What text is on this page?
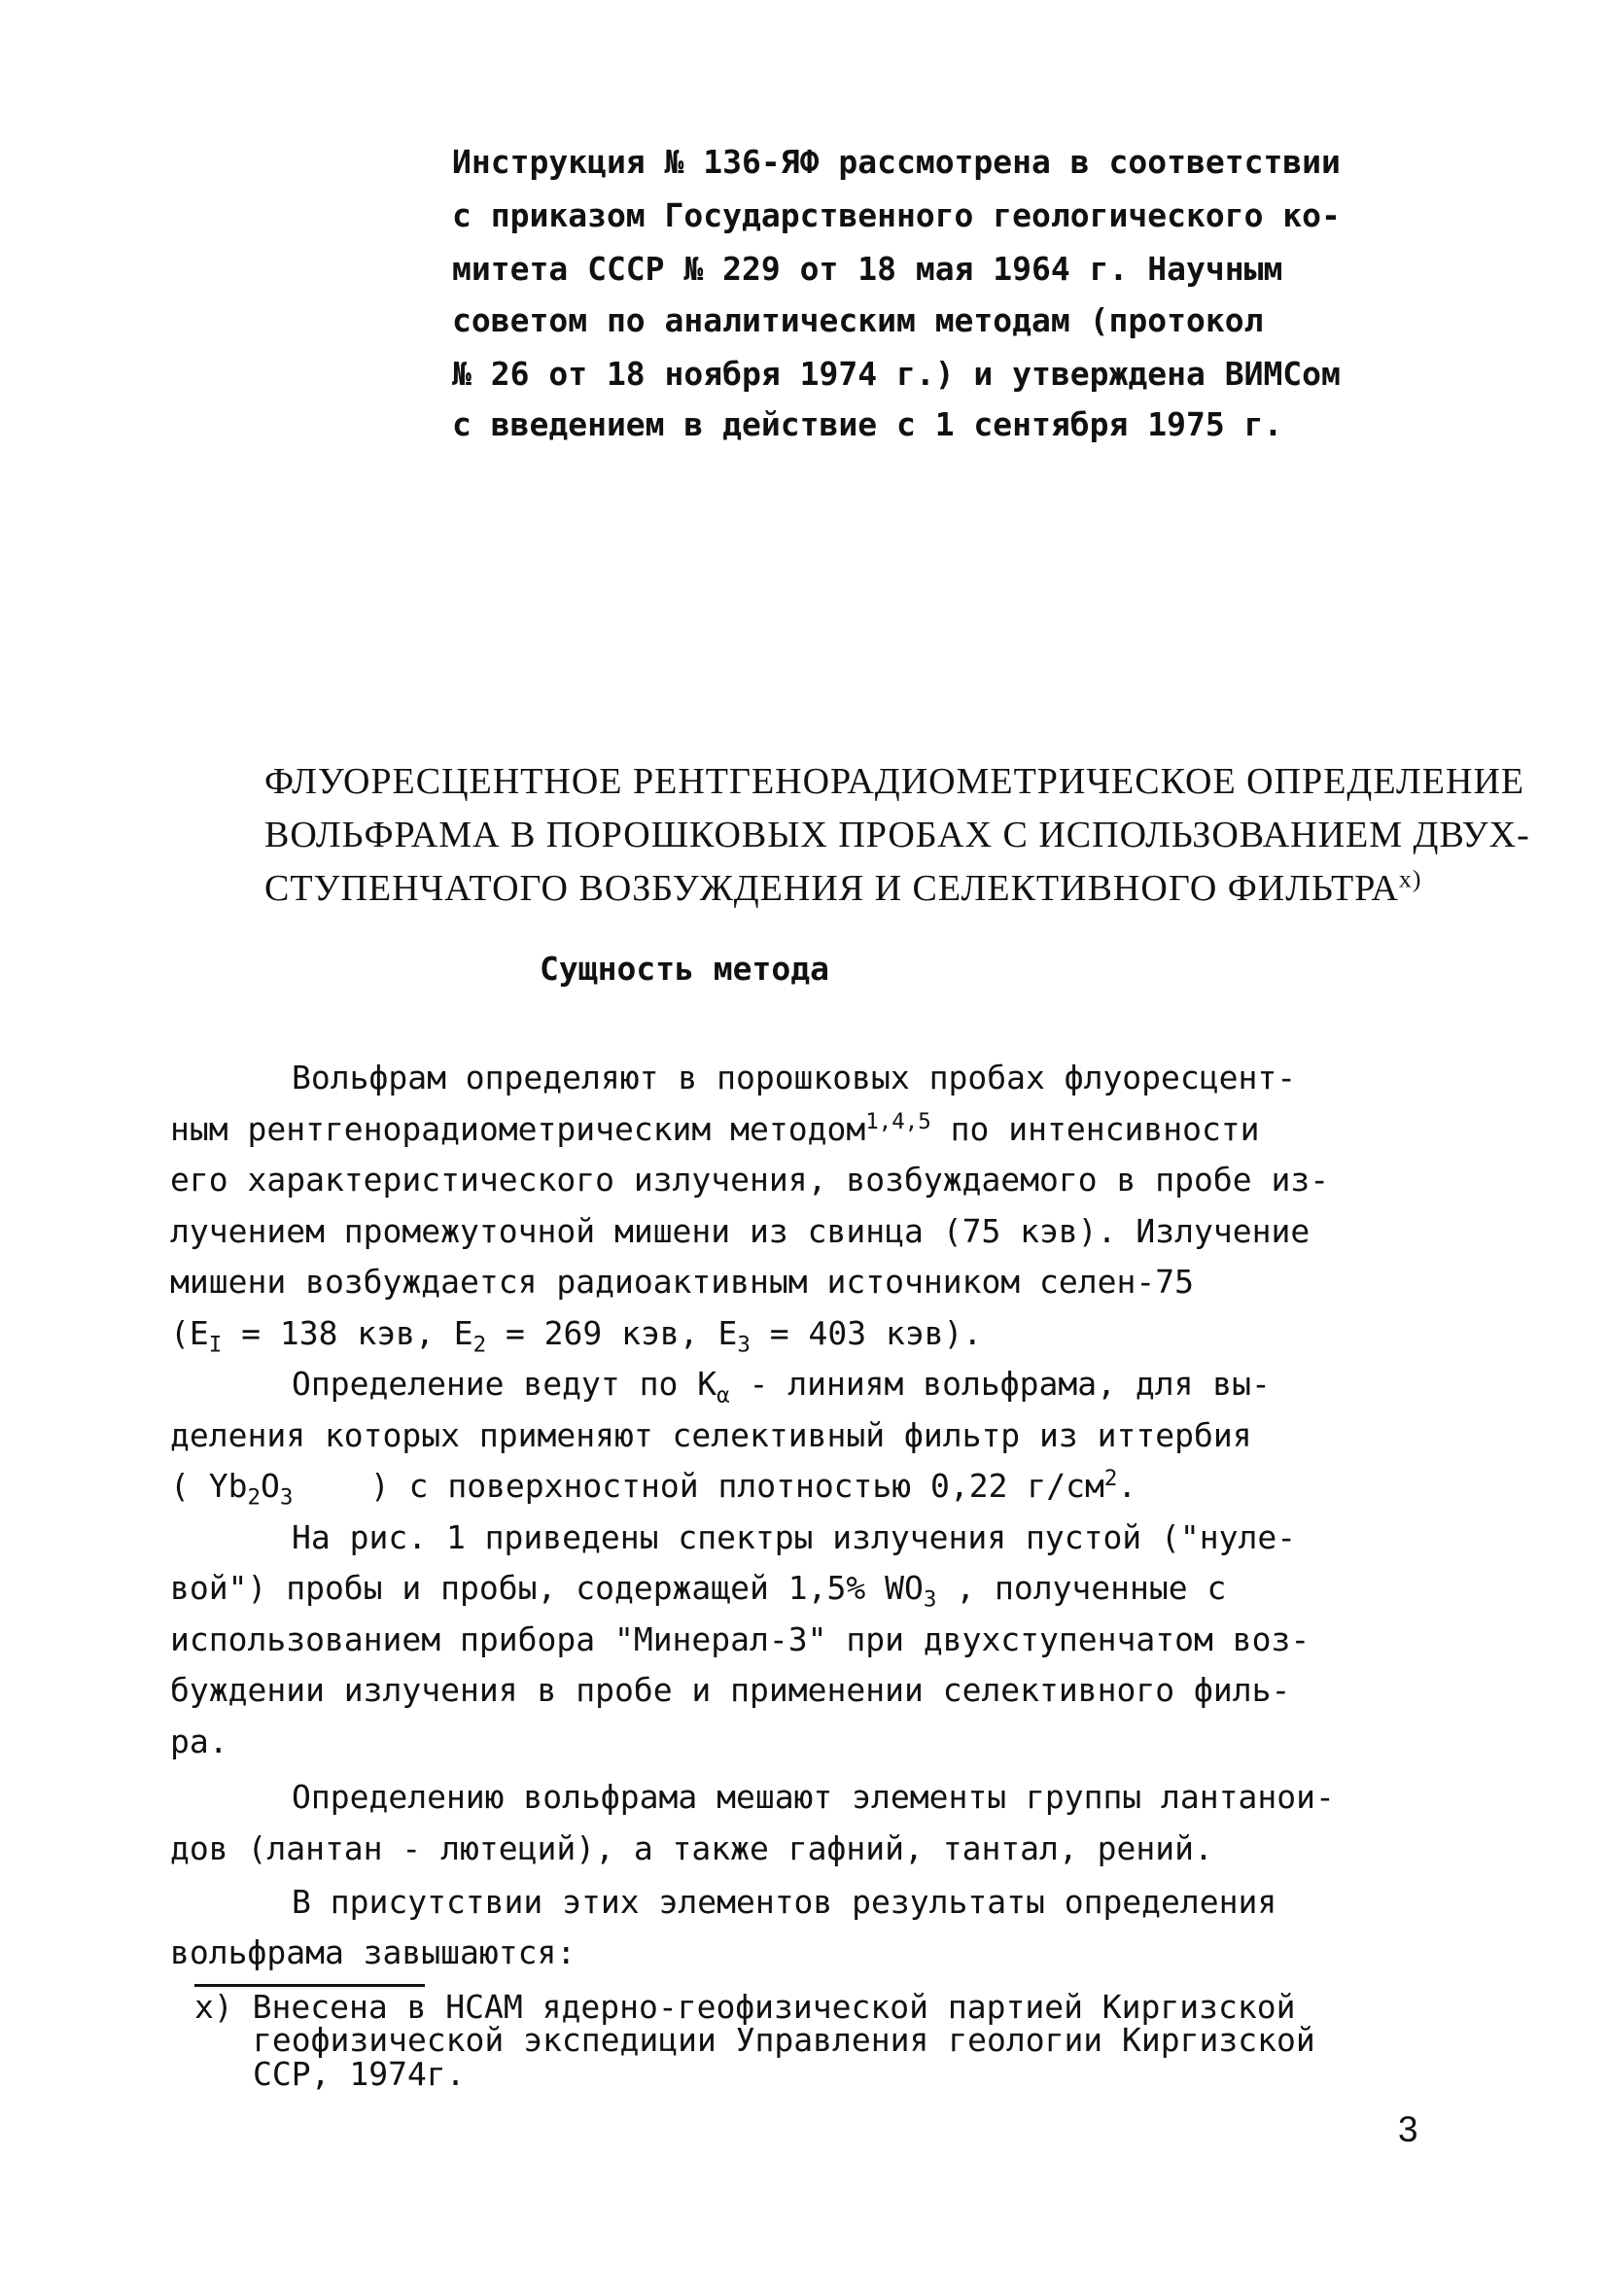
Инструкция № 136-ЯФ рассмотрена в соответствии
с приказом Государственного геологического ко-
митета СССР № 229 от 18 мая 1964 г. Научным
советом по аналитическим методам (протокол
№ 26 от 18 ноября 1974 г.) и утверждена ВИМСом
с введением в действие с 1 сентября 1975 г.
ФЛУОРЕСЦЕНТНОЕ РЕНТГЕНОРАДИОМЕТРИЧЕСКОЕ ОПРЕДЕЛЕНИЕ
ВОЛЬФРАМА В ПОРОШКОВЫХ ПРОБАХ С ИСПОЛЬЗОВАНИЕМ ДВУХ-
СТУПЕНЧАТОГО ВОЗБУЖДЕНИЯ И СЕЛЕКТИВНОГО ФИЛЬТРА$^{x)}$
Сущность метода
Вольфрам определяют в порошковых пробах флуоресцент-
ным рентгенорадиометрическим методом$^{1,4,5}$ по интенсивности
его характеристического излучения, возбуждаемого в пробе из-
лучением промежуточной мишени из свинца (75 кэв). Излучение
мишени возбуждается радиоактивным источником селен-75
($E_I = 138$ кэв, $E_2 = 269$ кэв, $E_3 = 403$ кэв).
Определение ведут по $K_\alpha$ - линиям вольфрама, для вы-
деления которых применяют селективный фильтр из иттербия
( $Yb_2O_3$    ) с поверхностной плотностью 0,22 $г/см^2$.
На рис. 1 приведены спектры излучения пустой ("нуле-
вой") пробы и пробы, содержащей 1,5% $WO_3$ , полученные с
использованием прибора "Минерал-3" при двухступенчатом воз-
буждении излучения в пробе и применении селективного филь-
ра.
Определению вольфрама мешают элементы группы лантанои-
дов (лантан - лютеций), а также гафний, тантал, рений.
В присутствии этих элементов результаты определения
вольфрама завышаются:
х) Внесена в НСАМ ядерно-геофизической партией Киргизской
геофизической экспедиции Управления геологии Киргизской
ССР, 1974г.
3
